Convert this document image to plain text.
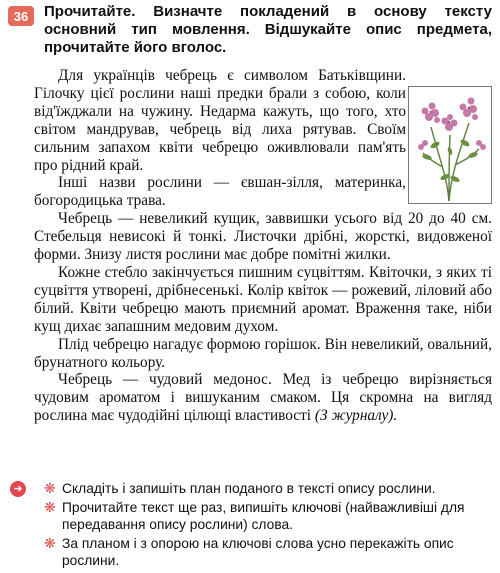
36	Прочитайте. Визначте покладений в основу тексту основний тип мовлення. Відшукайте опис предмета, прочитайте його вголос.

Для українців чебрець є символом Батьківщини. Гілочку цієї рослини наші предки брали з собою, коли від'їжджали на чужину. Недарма кажуть, що того, хто світом мандрував, чебрець від лиха рятував. Своїм сильним запахом квіти чебрецю оживлювали пам'ять про рідний край.

Інші назви рослини — євшан-зілля, материнка, богородицька трава.

Чебрець — невеликий кущик, заввишки усього від 20 до 40 см. Стебельця невисокі й тонкі. Листочки дрібні, жорсткі, видовженої форми. Знизу листя рослини має добре помітні жилки.

Кожне стебло закінчується пишним суцвіттям. Квіточки, з яких ті суцвіття утворені, дрібнесенькі. Колір квіток — рожевий, ліловий або білий. Квіти чебрецю мають приємний аромат. Враження таке, ніби кущ дихає запашним медовим духом.

Плід чебрецю нагадує формою горішок. Він невеликий, овальний, брунатного кольору.

Чебрець — чудовий медонос. Мед із чебрецю вирізняється чудовим ароматом і вишуканим смаком. Ця скромна на вигляд рослина має чудодійні цілющі властивості (З журналу).

➜ ❋ Складіть і запишіть план поданого в тексті опису рослини.
❋ Прочитайте текст ще раз, випишіть ключові (найважливіші для передавання опису рослини) слова.
❋ За планом і з опорою на ключові слова усно перекажіть опис рослини.
